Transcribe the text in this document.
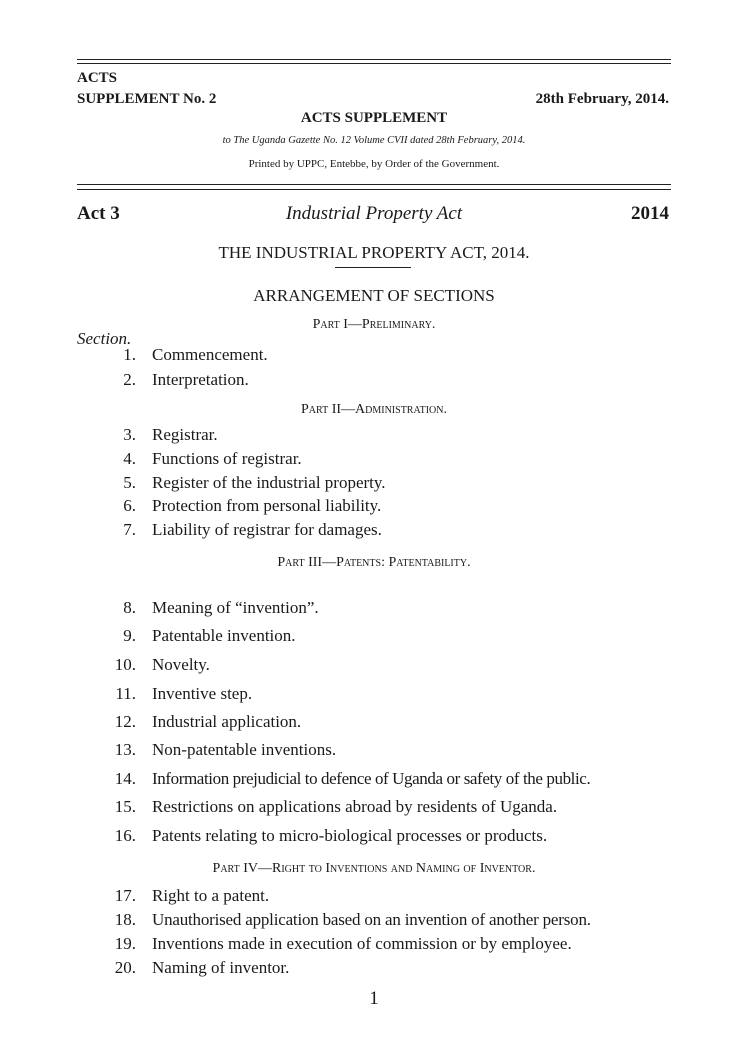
ACTS
SUPPLEMENT No. 2	28th February, 2014.
ACTS SUPPLEMENT
to The Uganda Gazette No. 12 Volume CVII dated 28th February, 2014.
Printed by UPPC, Entebbe, by Order of the Government.
Act 3	Industrial Property Act	2014
THE INDUSTRIAL PROPERTY ACT, 2014.
ARRANGEMENT OF SECTIONS
Section.
Part I—Preliminary.
Part II—Administration.
Part III—Patents: Patentability.
Part IV—Right to Inventions and Naming of Inventor.
1. Commencement.
2. Interpretation.
3. Registrar.
4. Functions of registrar.
5. Register of the industrial property.
6. Protection from personal liability.
7. Liability of registrar for damages.
8. Meaning of “invention”.
9. Patentable invention.
10. Novelty.
11. Inventive step.
12. Industrial application.
13. Non-patentable inventions.
14. Information prejudicial to defence of Uganda or safety of the public.
15. Restrictions on applications abroad by residents of Uganda.
16. Patents relating to micro-biological processes or products.
17. Right to a patent.
18. Unauthorised application based on an invention of another person.
19. Inventions made in execution of commission or by employee.
20. Naming of inventor.
1
